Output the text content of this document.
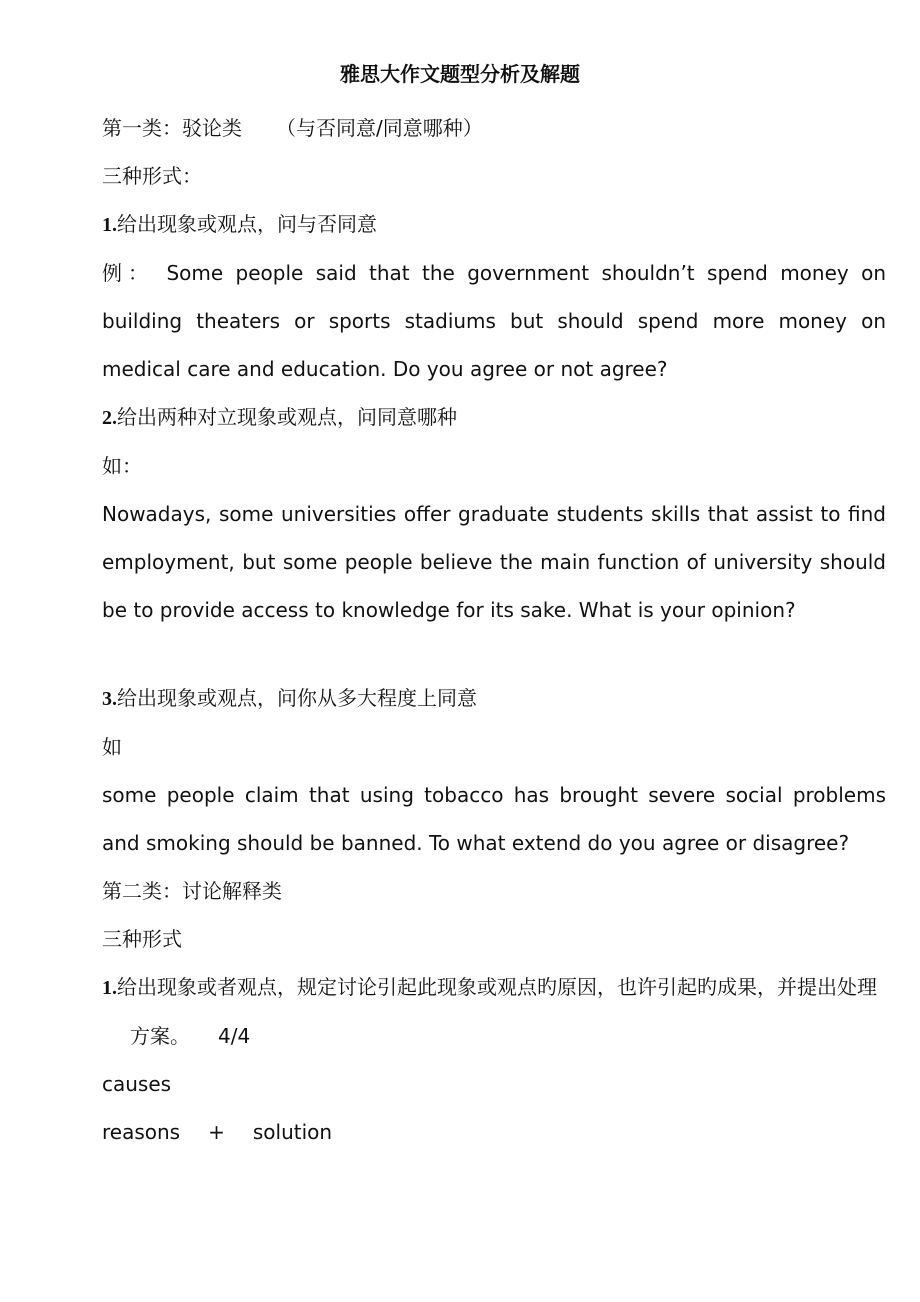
雅思大作文题型分析及解题

第一类：驳论类 （与否同意/同意哪种）

三种形式：

1.给出现象或观点，问与否同意

例： Some people said that the government shouldn’t spend money on building theaters or sports stadiums but should spend more money on medical care and education. Do you agree or not agree?

2.给出两种对立现象或观点，问同意哪种

如：

Nowadays, some universities offer graduate students skills that assist to find employment, but some people believe the main function of university should be to provide access to knowledge for its sake. What is your opinion?

3.给出现象或观点，问你从多大程度上同意

如

some people claim that using tobacco has brought severe social problems and smoking should be banned. To what extend do you agree or disagree?

第二类：讨论解释类

三种形式

1.给出现象或者观点，规定讨论引起此现象或观点旳原因，也许引起旳成果，并提出处理方案。 4/4

causes

reasons + solution
